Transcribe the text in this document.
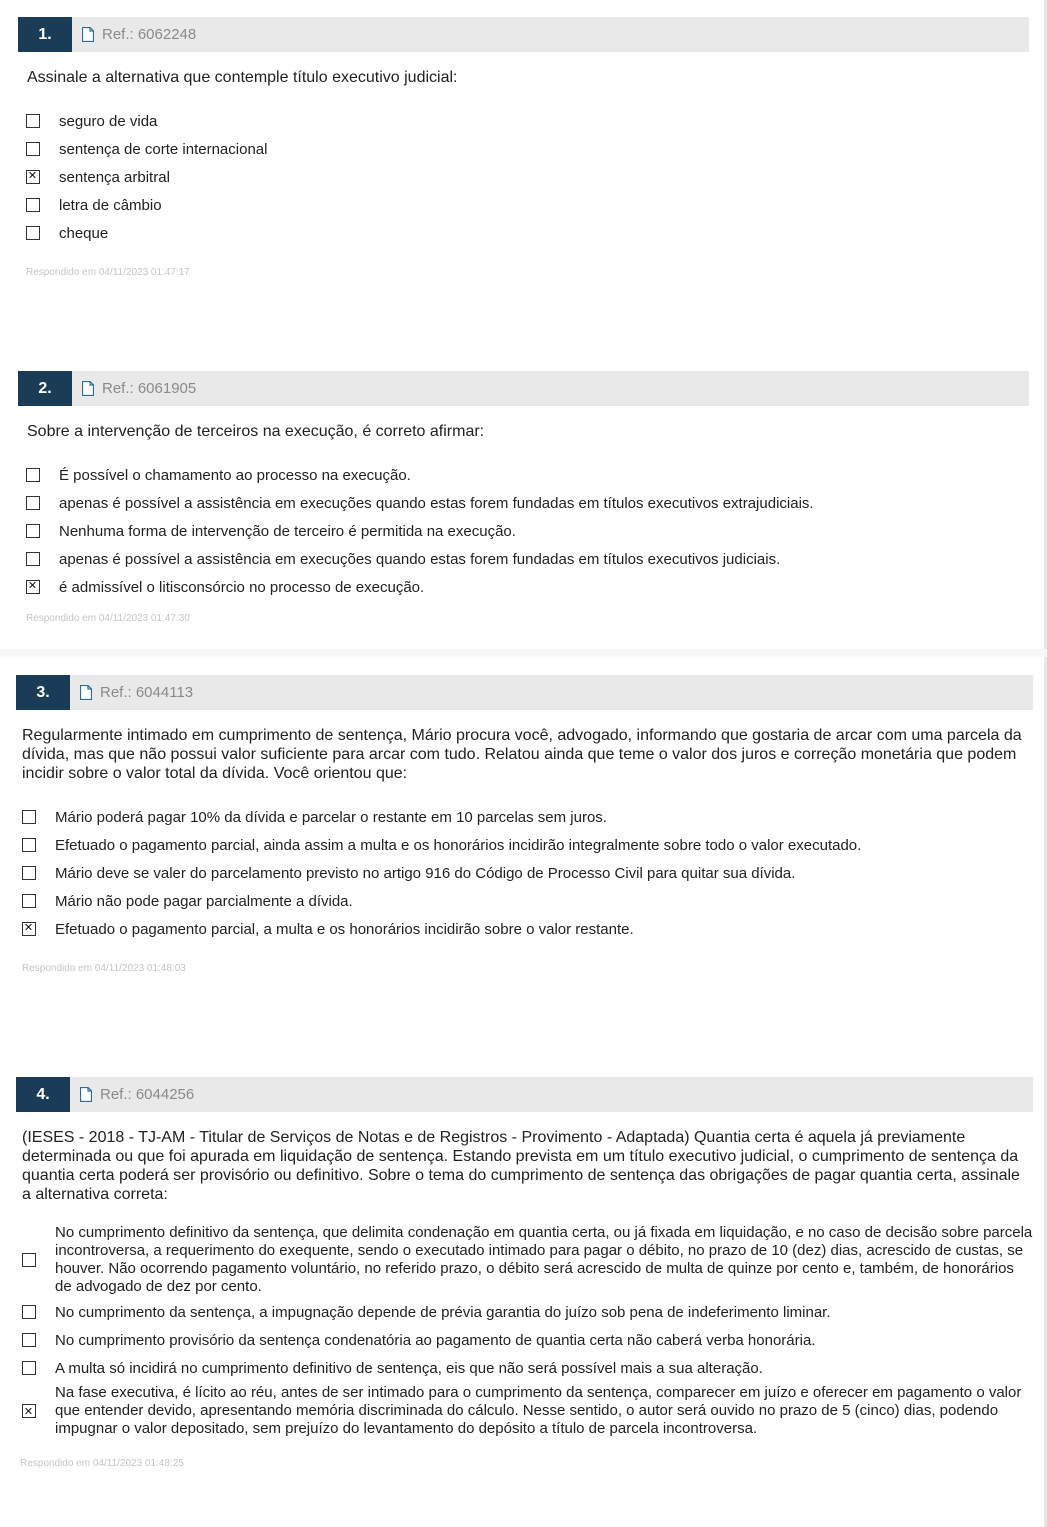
1.	Ref.: 6062248
Assinale a alternativa que contemple título executivo judicial:
seguro de vida
sentença de corte internacional
✕
sentença arbitral
letra de câmbio
cheque
Respondido em 04/11/2023 01:47:17
2.	Ref.: 6061905
Sobre a intervenção de terceiros na execução, é correto afirmar:
É possível o chamamento ao processo na execução.
apenas é possível a assistência em execuções quando estas forem fundadas em títulos executivos extrajudiciais.
Nenhuma forma de intervenção de terceiro é permitida na execução.
apenas é possível a assistência em execuções quando estas forem fundadas em títulos executivos judiciais.
✕
é admissível o litisconsórcio no processo de execução.
Respondido em 04/11/2023 01:47:30
3.	Ref.: 6044113
Regularmente intimado em cumprimento de sentença, Mário procura você, advogado, informando que gostaria de arcar com uma parcela da dívida, mas que não possui valor suficiente para arcar com tudo. Relatou ainda que teme o valor dos juros e correção monetária que podem incidir sobre o valor total da dívida. Você orientou que:
Mário poderá pagar 10% da dívida e parcelar o restante em 10 parcelas sem juros.
Efetuado o pagamento parcial, ainda assim a multa e os honorários incidirão integralmente sobre todo o valor executado.
Mário deve se valer do parcelamento previsto no artigo 916 do Código de Processo Civil para quitar sua dívida.
Mário não pode pagar parcialmente a dívida.
✕
Efetuado o pagamento parcial, a multa e os honorários incidirão sobre o valor restante.
Respondido em 04/11/2023 01:48:03
4.	Ref.: 6044256
(IESES - 2018 - TJ-AM - Titular de Serviços de Notas e de Registros - Provimento - Adaptada) Quantia certa é aquela já previamente determinada ou que foi apurada em liquidação de sentença. Estando prevista em um título executivo judicial, o cumprimento de sentença da quantia certa poderá ser provisório ou definitivo. Sobre o tema do cumprimento de sentença das obrigações de pagar quantia certa, assinale a alternativa correta:
No cumprimento definitivo da sentença, que delimita condenação em quantia certa, ou já fixada em liquidação, e no caso de decisão sobre parcela incontroversa, a requerimento do exequente, sendo o executado intimado para pagar o débito, no prazo de 10 (dez) dias, acrescido de custas, se houver. Não ocorrendo pagamento voluntário, no referido prazo, o débito será acrescido de multa de quinze por cento e, também, de honorários de advogado de dez por cento.
No cumprimento da sentença, a impugnação depende de prévia garantia do juízo sob pena de indeferimento liminar.
No cumprimento provisório da sentença condenatória ao pagamento de quantia certa não caberá verba honorária.
A multa só incidirá no cumprimento definitivo de sentença, eis que não será possível mais a sua alteração.
✕
Na fase executiva, é lícito ao réu, antes de ser intimado para o cumprimento da sentença, comparecer em juízo e oferecer em pagamento o valor que entender devido, apresentando memória discriminada do cálculo. Nesse sentido, o autor será ouvido no prazo de 5 (cinco) dias, podendo impugnar o valor depositado, sem prejuízo do levantamento do depósito a título de parcela incontroversa.
Respondido em 04/11/2023 01:48:25
